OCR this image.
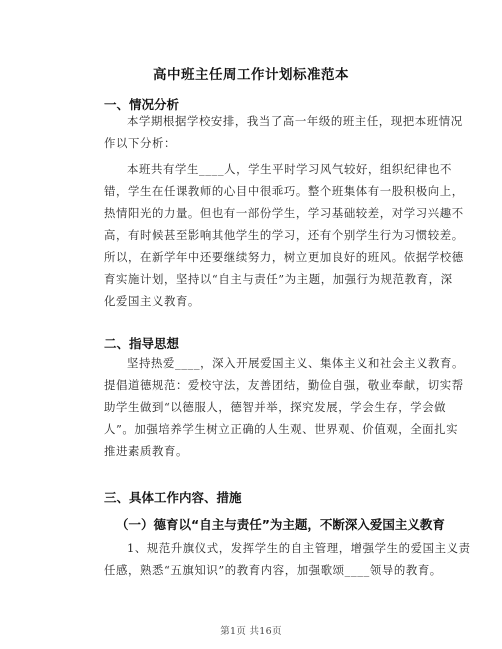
高中班主任周工作计划标准范本
一、情况分析
本学期根据学校安排，我当了高一年级的班主任，现把本班情况
作以下分析：
本班共有学生____人，学生平时学习风气较好，组织纪律也不
错，学生在任课教师的心目中很乖巧。整个班集体有一股积极向上，
热情阳光的力量。但也有一部份学生，学习基础较差，对学习兴趣不
高，有时候甚至影响其他学生的学习，还有个别学生行为习惯较差。
所以，在新学年中还要继续努力，树立更加良好的班风。依据学校德
育实施计划，坚持以“自主与责任”为主题，加强行为规范教育，深
化爱国主义教育。
二、指导思想
坚持热爱____，深入开展爱国主义、集体主义和社会主义教育。
提倡道德规范：爱校守法，友善团结，勤俭自强，敬业奉献，切实帮
助学生做到“以德服人，德智并举，探究发展，学会生存，学会做
人”。加强培养学生树立正确的人生观、世界观、价值观，全面扎实
推进素质教育。
三、具体工作内容、措施
（一）德育以“自主与责任”为主题，不断深入爱国主义教育
1、规范升旗仪式，发挥学生的自主管理，增强学生的爱国主义责
任感，熟悉“五旗知识”的教育内容，加强歌颂____领导的教育。
第1页 共16页
